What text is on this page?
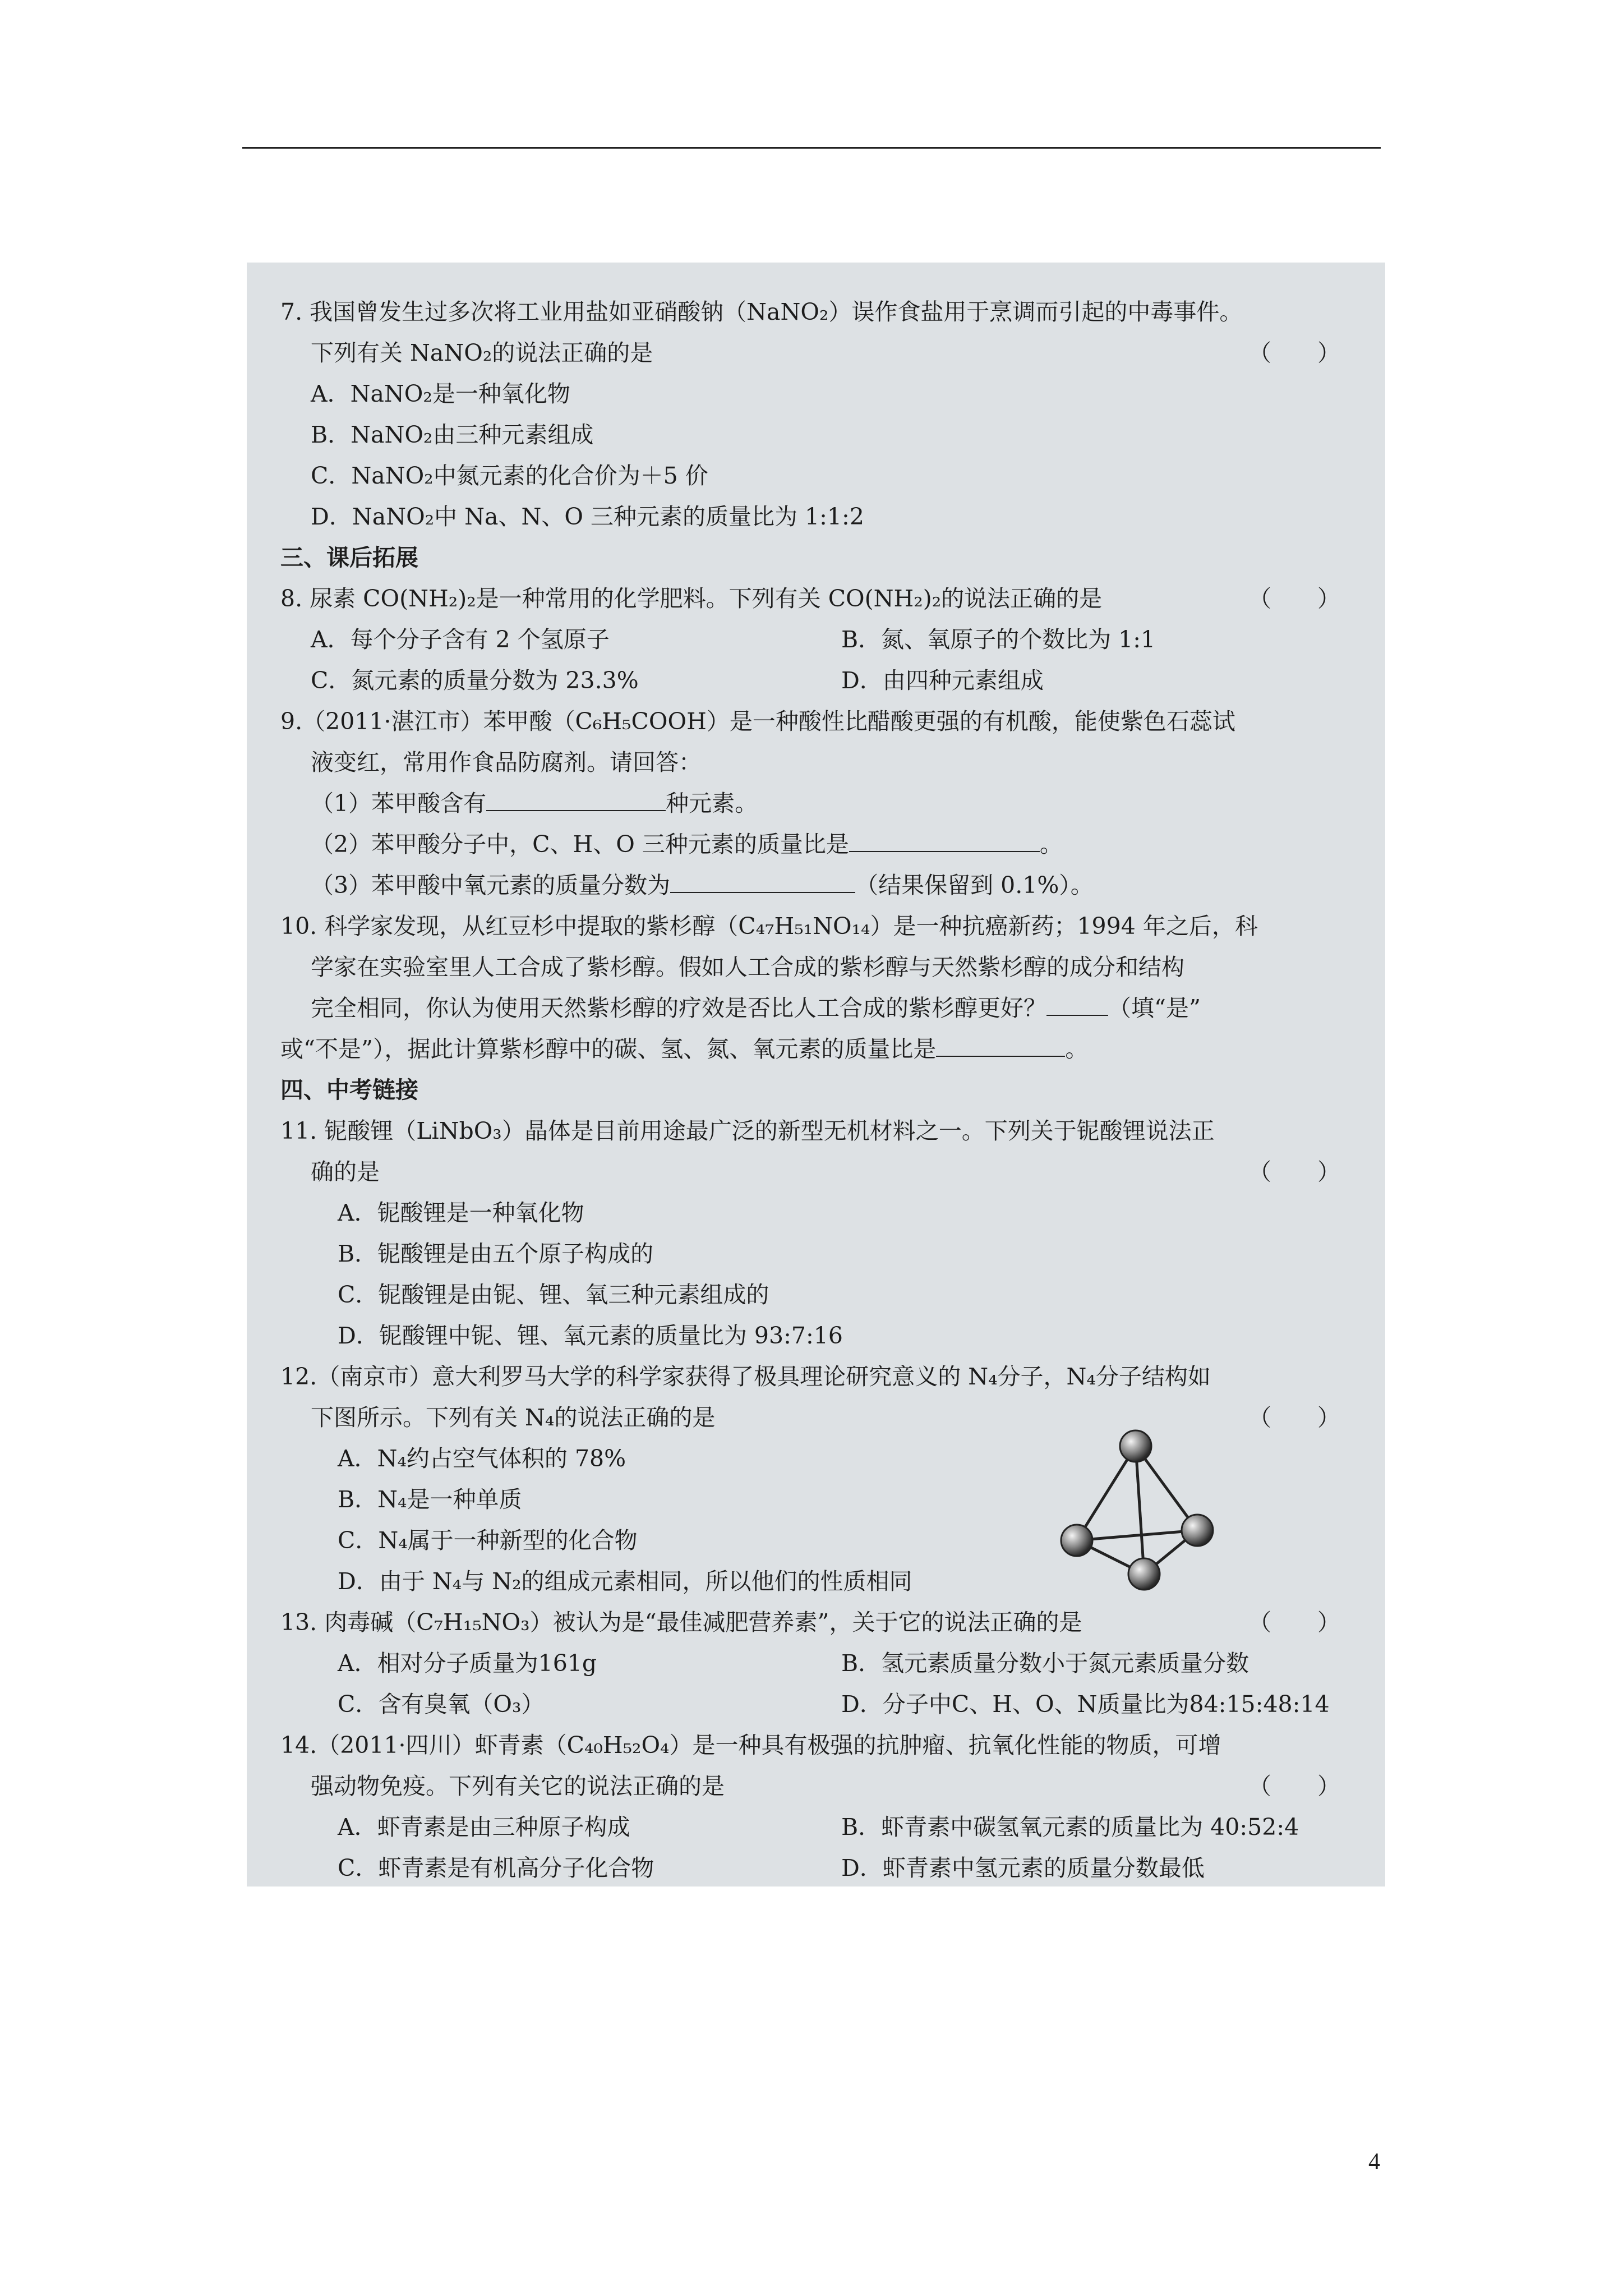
7. 我国曾发生过多次将工业用盐如亚硝酸钠（NaNO₂）误作食盐用于烹调而引起的中毒事件。
下列有关 NaNO₂的说法正确的是	（　　）
A．NaNO₂是一种氧化物
B．NaNO₂由三种元素组成
C．NaNO₂中氮元素的化合价为＋5 价
D．NaNO₂中 Na、N、O 三种元素的质量比为 1:1:2
三、课后拓展
8. 尿素 CO(NH₂)₂是一种常用的化学肥料。下列有关 CO(NH₂)₂的说法正确的是	（　　）
A．每个分子含有 2 个氢原子	B．氮、氧原子的个数比为 1:1
C．氮元素的质量分数为 23.3%	D．由四种元素组成
9.（2011·湛江市）苯甲酸（C₆H₅COOH）是一种酸性比醋酸更强的有机酸，能使紫色石蕊试
液变红，常用作食品防腐剂。请回答：
（1）苯甲酸含有	种元素。
（2）苯甲酸分子中，C、H、O 三种元素的质量比是	。
（3）苯甲酸中氧元素的质量分数为	（结果保留到 0.1%）。
10. 科学家发现，从红豆杉中提取的紫杉醇（C₄₇H₅₁NO₁₄）是一种抗癌新药；1994 年之后，科
学家在实验室里人工合成了紫杉醇。假如人工合成的紫杉醇与天然紫杉醇的成分和结构
完全相同，你认为使用天然紫杉醇的疗效是否比人工合成的紫杉醇更好？	（填“是”
或“不是”），据此计算紫杉醇中的碳、氢、氮、氧元素的质量比是	。
四、中考链接
11. 铌酸锂（LiNbO₃）晶体是目前用途最广泛的新型无机材料之一。下列关于铌酸锂说法正
确的是	（　　）
A．铌酸锂是一种氧化物
B．铌酸锂是由五个原子构成的
C．铌酸锂是由铌、锂、氧三种元素组成的
D．铌酸锂中铌、锂、氧元素的质量比为 93:7:16
12.（南京市）意大利罗马大学的科学家获得了极具理论研究意义的 N₄分子，N₄分子结构如
下图所示。下列有关 N₄的说法正确的是	（　　）
A．N₄约占空气体积的 78%
B．N₄是一种单质
C．N₄属于一种新型的化合物
D．由于 N₄与 N₂的组成元素相同，所以他们的性质相同
13. 肉毒碱（C₇H₁₅NO₃）被认为是“最佳减肥营养素”，关于它的说法正确的是	（　　）
A．相对分子质量为161g	B．氢元素质量分数小于氮元素质量分数
C．含有臭氧（O₃）	D．分子中C、H、O、N质量比为84:15:48:14
14.（2011·四川）虾青素（C₄₀H₅₂O₄）是一种具有极强的抗肿瘤、抗氧化性能的物质，可增
强动物免疫。下列有关它的说法正确的是	（　　）
A．虾青素是由三种原子构成	B．虾青素中碳氢氧元素的质量比为 40:52:4
C．虾青素是有机高分子化合物	D．虾青素中氢元素的质量分数最低
4
